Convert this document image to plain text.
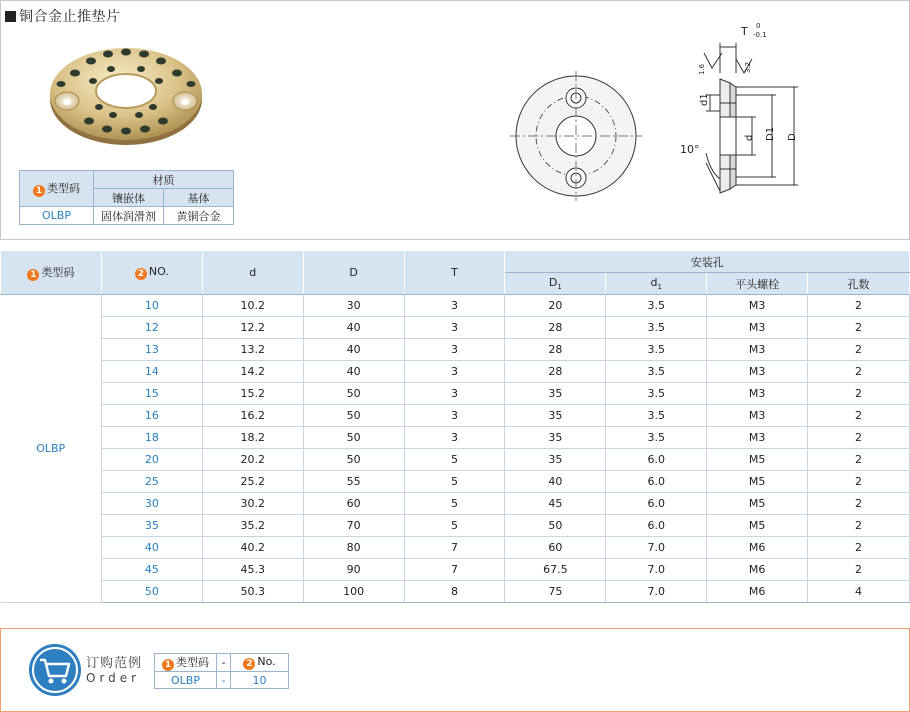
铜合金止推垫片
1 类型码	材质	
	镶嵌体	基体
OLBP	固体润滑剂	黄铜合金
T 0
-0.1
1.6	3.2
d1
d D1 D
10°
1 类型码	2 NO.	d	D	T	安装孔			
					$D_1$	$d_1$	平头螺栓	孔数
OLBP	10	10.2	30	3	20	3.5	M3	2
	12	12.2	40	3	28	3.5	M3	2
	13	13.2	40	3	28	3.5	M3	2
	14	14.2	40	3	28	3.5	M3	2
	15	15.2	50	3	35	3.5	M3	2
	16	16.2	50	3	35	3.5	M3	2
	18	18.2	50	3	35	3.5	M3	2
	20	20.2	50	5	35	6.0	M5	2
	25	25.2	55	5	40	6.0	M5	2
	30	30.2	60	5	45	6.0	M5	2
	35	35.2	70	5	50	6.0	M5	2
	40	40.2	80	7	60	7.0	M6	2
	45	45.3	90	7	67.5	7.0	M6	2
	50	50.3	100	8	75	7.0	M6	4
订购范例
Order
1 类型码	-	2 No.
OLBP	-	10
